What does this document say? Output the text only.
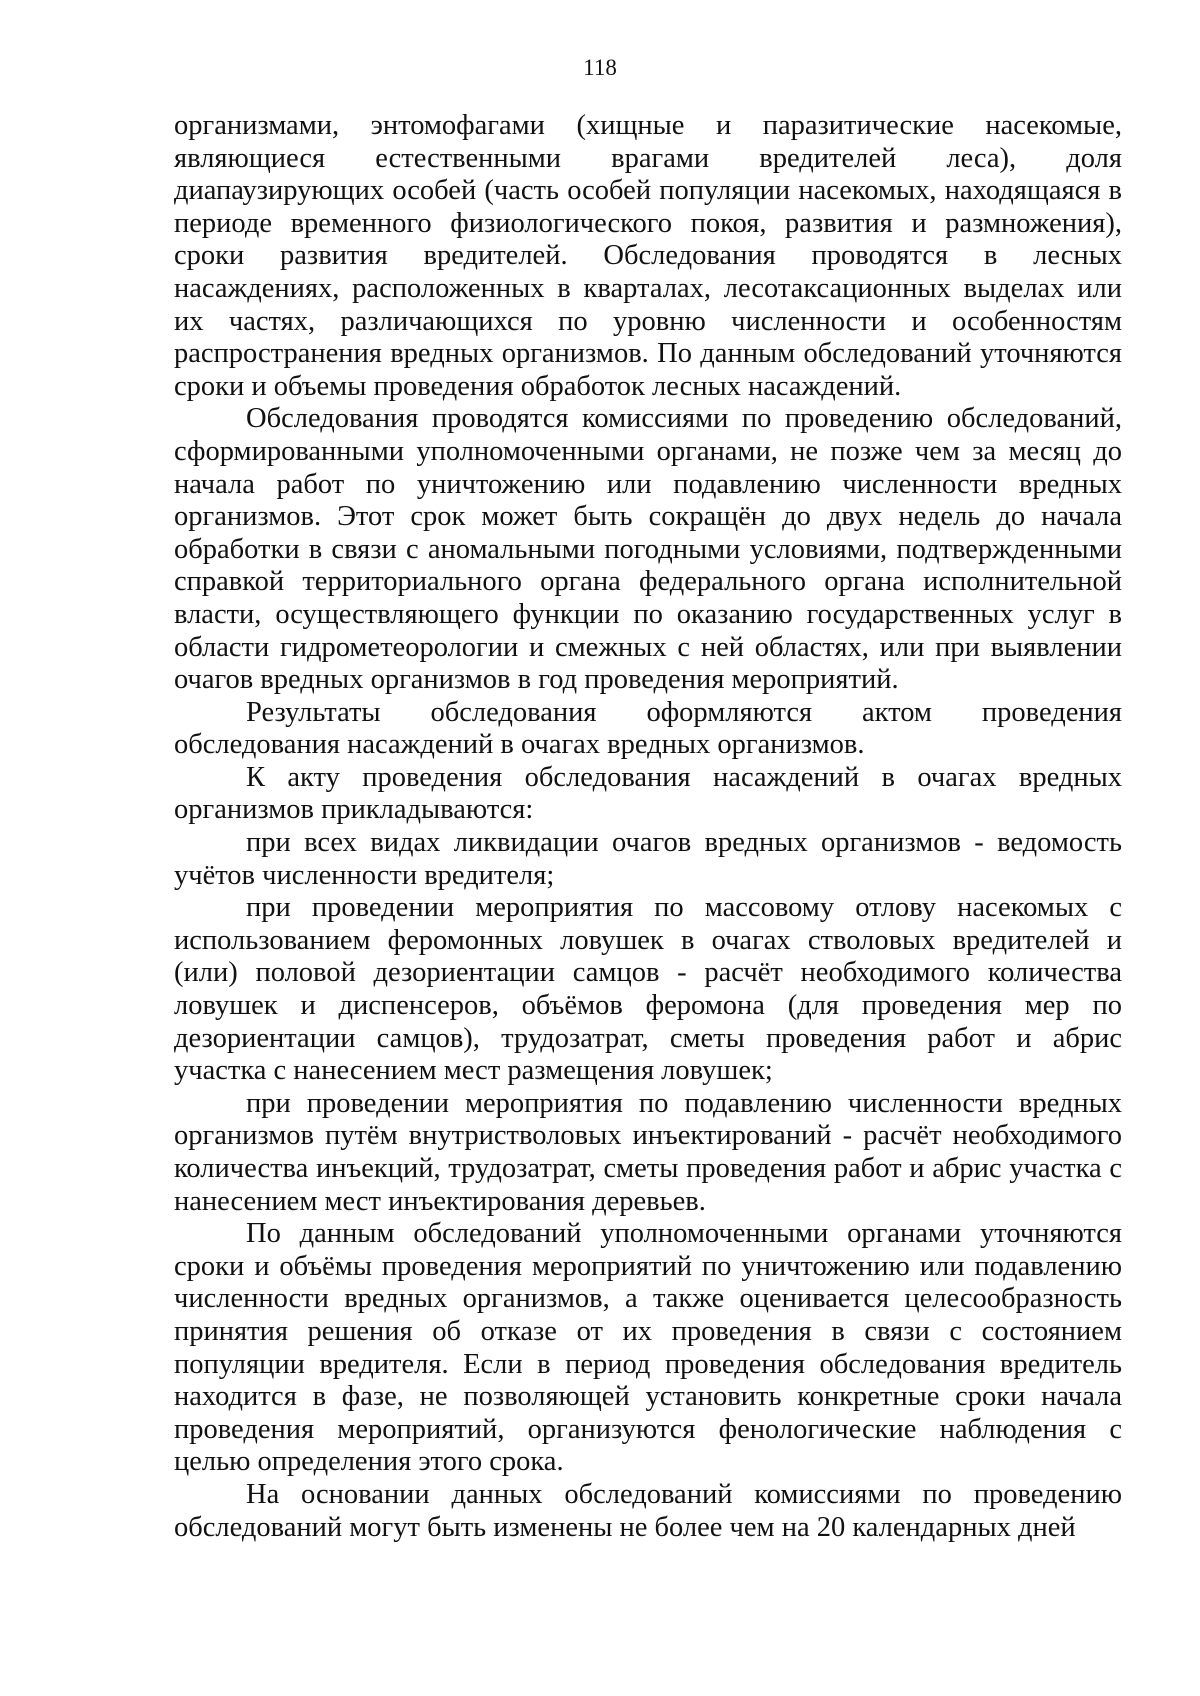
118

организмами, энтомофагами (хищные и паразитические насекомые, являющиеся естественными врагами вредителей леса), доля диапаузирующих особей (часть особей популяции насекомых, находящаяся в периоде временного физиологического покоя, развития и размножения), сроки развития вредителей. Обследования проводятся в лесных насаждениях, расположенных в кварталах, лесотаксационных выделах или их частях, различающихся по уровню численности и особенностям распространения вредных организмов. По данным обследований уточняются сроки и объемы проведения обработок лесных насаждений.

Обследования проводятся комиссиями по проведению обследований, сформированными уполномоченными органами, не позже чем за месяц до начала работ по уничтожению или подавлению численности вредных организмов. Этот срок может быть сокращён до двух недель до начала обработки в связи с аномальными погодными условиями, подтвержденными справкой территориального органа федерального органа исполнительной власти, осуществляющего функции по оказанию государственных услуг в области гидрометеорологии и смежных с ней областях, или при выявлении очагов вредных организмов в год проведения мероприятий.

Результаты обследования оформляются актом проведения обследования насаждений в очагах вредных организмов.

К акту проведения обследования насаждений в очагах вредных организмов прикладываются:

при всех видах ликвидации очагов вредных организмов - ведомость учётов численности вредителя;

при проведении мероприятия по массовому отлову насекомых с использованием феромонных ловушек в очагах стволовых вредителей и (или) половой дезориентации самцов - расчёт необходимого количества ловушек и диспенсеров, объёмов феромона (для проведения мер по дезориентации самцов), трудозатрат, сметы проведения работ и абрис участка с нанесением мест размещения ловушек;

при проведении мероприятия по подавлению численности вредных организмов путём внутристволовых инъектирований - расчёт необходимого количества инъекций, трудозатрат, сметы проведения работ и абрис участка с нанесением мест инъектирования деревьев.

По данным обследований уполномоченными органами уточняются сроки и объёмы проведения мероприятий по уничтожению или подавлению численности вредных организмов, а также оценивается целесообразность принятия решения об отказе от их проведения в связи с состоянием популяции вредителя. Если в период проведения обследования вредитель находится в фазе, не позволяющей установить конкретные сроки начала проведения мероприятий, организуются фенологические наблюдения с целью определения этого срока.

На основании данных обследований комиссиями по проведению обследований могут быть изменены не более чем на 20 календарных дней
